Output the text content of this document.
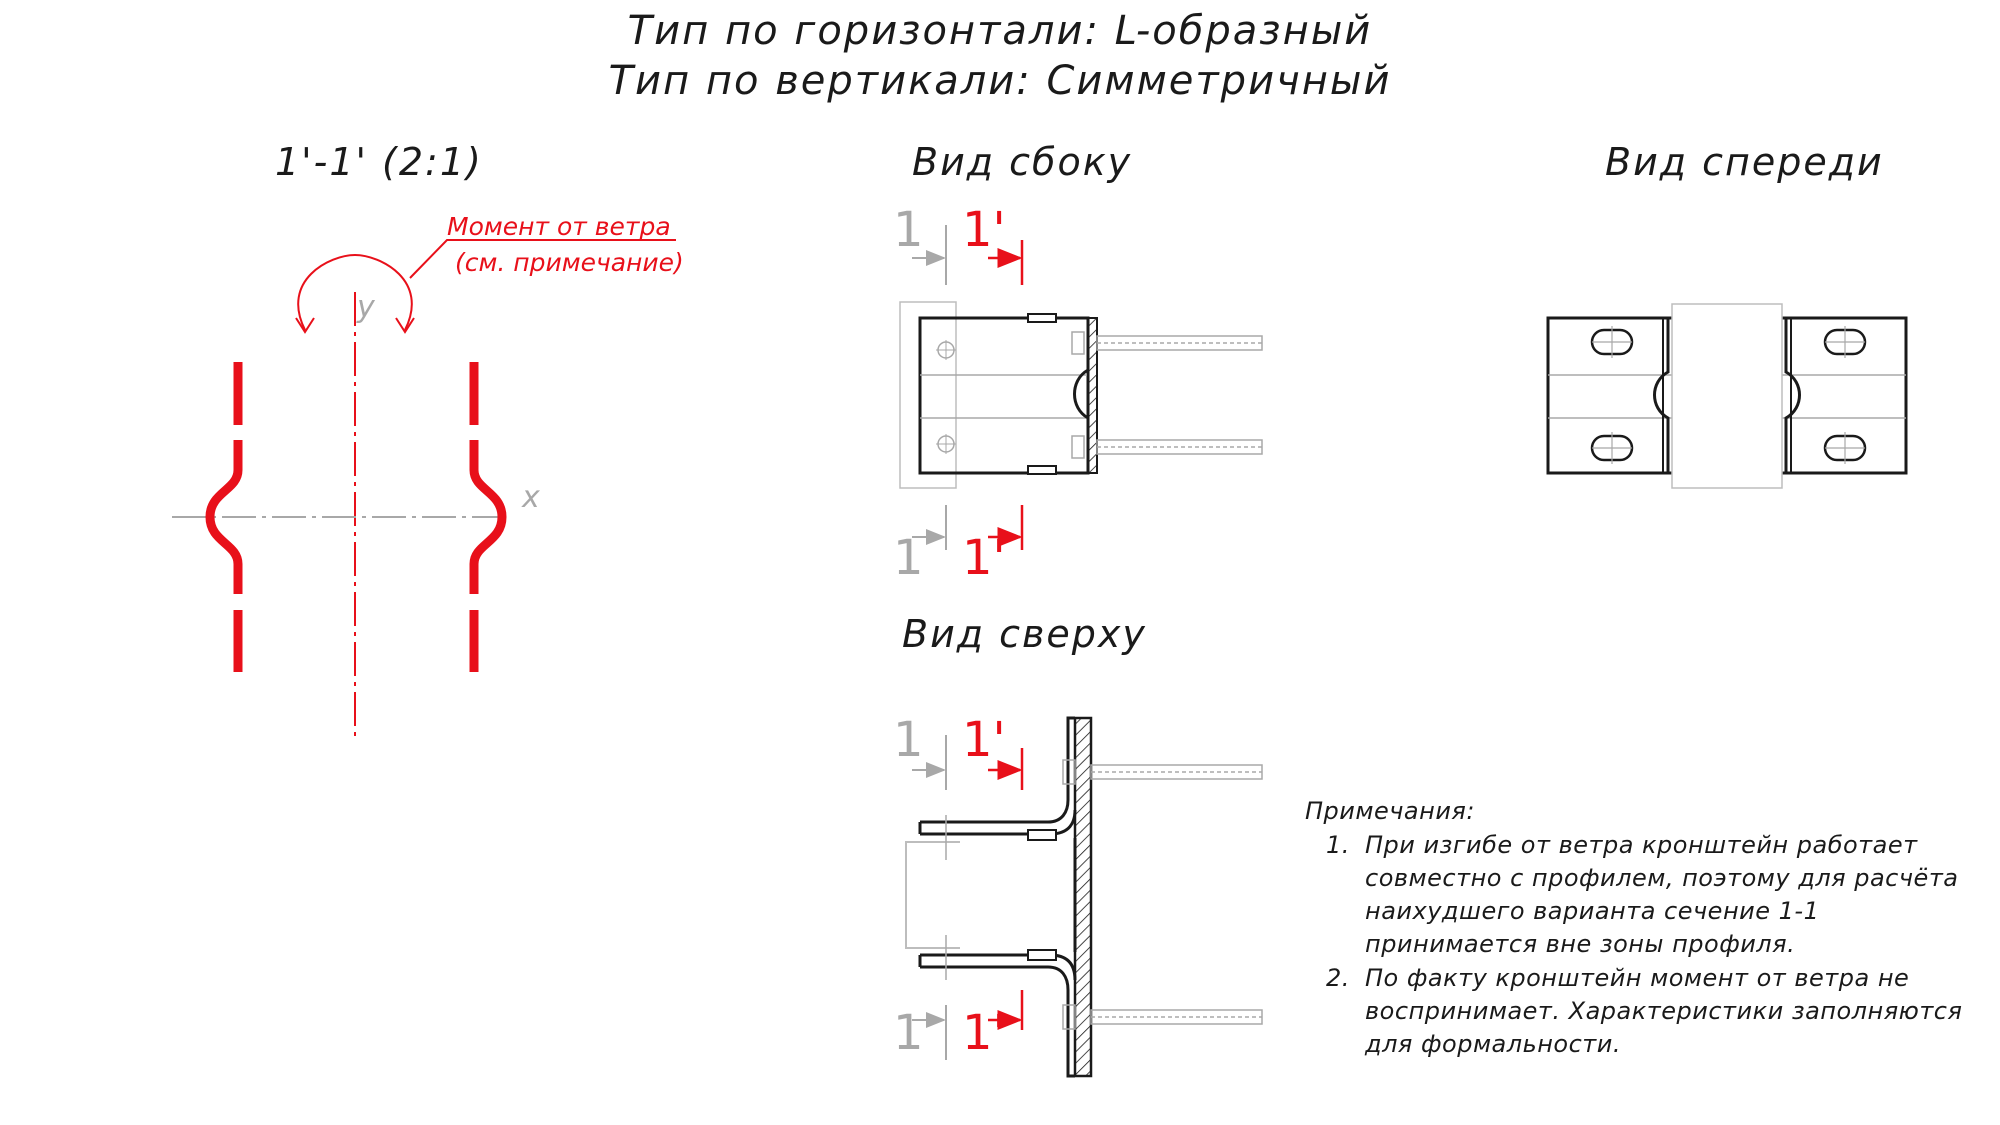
Тип по горизонтали: L-образный
Тип по вертикали: Симметричный
1'-1' (2:1)	Вид сбоку	Вид спереди
Вид сверху
Момент от ветра
(см. примечание)
y
x
1 1'
1 1'
1 1'
1 1'
Примечания:
1. При изгибе от ветра кронштейн работает
совместно с профилем, поэтому для расчёта
наихудшего варианта сечение 1-1
принимается вне зоны профиля.
2. По факту кронштейн момент от ветра не
воспринимает. Характеристики заполняются
для формальности.
